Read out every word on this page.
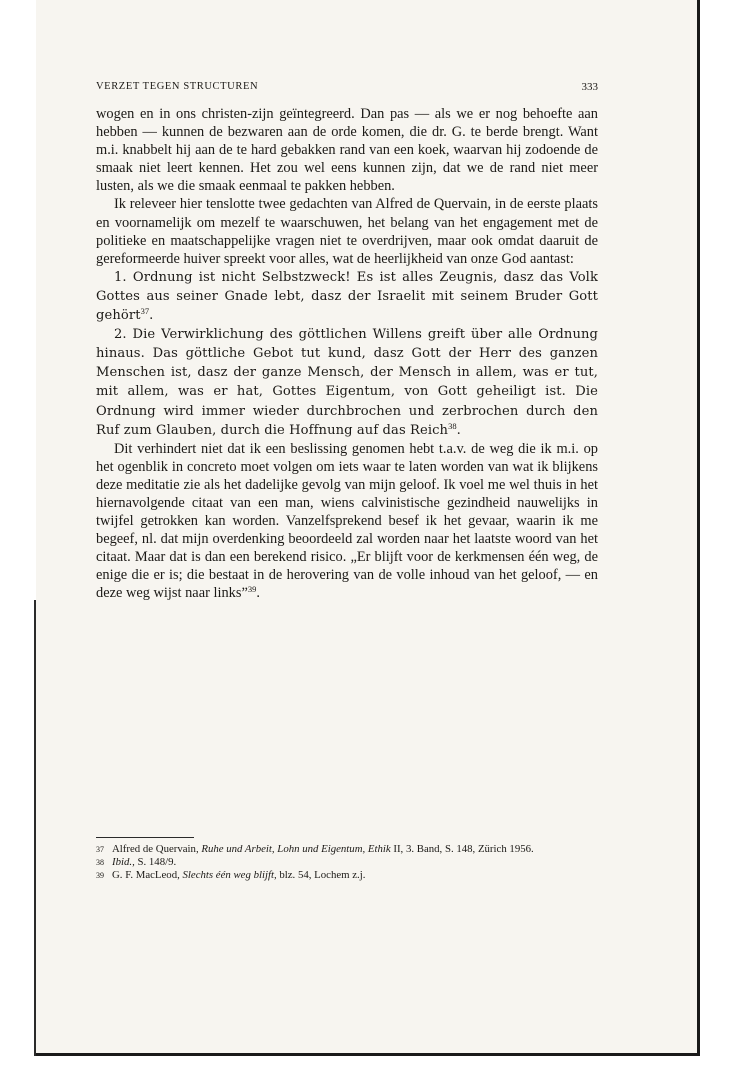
VERZET TEGEN STRUCTUREN	333

wogen en in ons christen-zijn geïntegreerd. Dan pas — als we er nog behoefte aan hebben — kunnen de bezwaren aan de orde komen, die dr. G. te berde brengt. Want m.i. knabbelt hij aan de te hard gebakken rand van een koek, waarvan hij zodoende de smaak niet leert kennen. Het zou wel eens kunnen zijn, dat we de rand niet meer lusten, als we die smaak eenmaal te pakken hebben.

Ik releveer hier tenslotte twee gedachten van Alfred de Quervain, in de eerste plaats en voornamelijk om mezelf te waarschuwen, het belang van het engagement met de politieke en maatschappelijke vragen niet te overdrijven, maar ook omdat daaruit de gereformeerde huiver spreekt voor alles, wat de heerlijkheid van onze God aantast:

1. Ordnung ist nicht Selbstzweck! Es ist alles Zeugnis, dasz das Volk Gottes aus seiner Gnade lebt, dasz der Israelit mit seinem Bruder Gott gehört$^{37}$.

2. Die Verwirklichung des göttlichen Willens greift über alle Ordnung hinaus. Das göttliche Gebot tut kund, dasz Gott der Herr des ganzen Menschen ist, dasz der ganze Mensch, der Mensch in allem, was er tut, mit allem, was er hat, Gottes Eigentum, von Gott geheiligt ist. Die Ordnung wird immer wieder durchbrochen und zerbrochen durch den Ruf zum Glauben, durch die Hoffnung auf das Reich$^{38}$.

Dit verhindert niet dat ik een beslissing genomen hebt t.a.v. de weg die ik m.i. op het ogenblik in concreto moet volgen om iets waar te laten worden van wat ik blijkens deze meditatie zie als het dadelijke gevolg van mijn geloof. Ik voel me wel thuis in het hiernavolgende citaat van een man, wiens calvinistische gezindheid nauwelijks in twijfel getrokken kan worden. Vanzelfsprekend besef ik het gevaar, waarin ik me begeef, nl. dat mijn overdenking beoordeeld zal worden naar het laatste woord van het citaat. Maar dat is dan een berekend risico. „Er blijft voor de kerkmensen één weg, de enige die er is; die bestaat in de herovering van de volle inhoud van het geloof, — en deze weg wijst naar links”$^{39}$.

37 Alfred de Quervain, Ruhe und Arbeit, Lohn und Eigentum, Ethik II, 3. Band, S. 148, Zürich 1956.
38 Ibid., S. 148/9.
39 G. F. MacLeod, Slechts één weg blijft, blz. 54, Lochem z.j.
